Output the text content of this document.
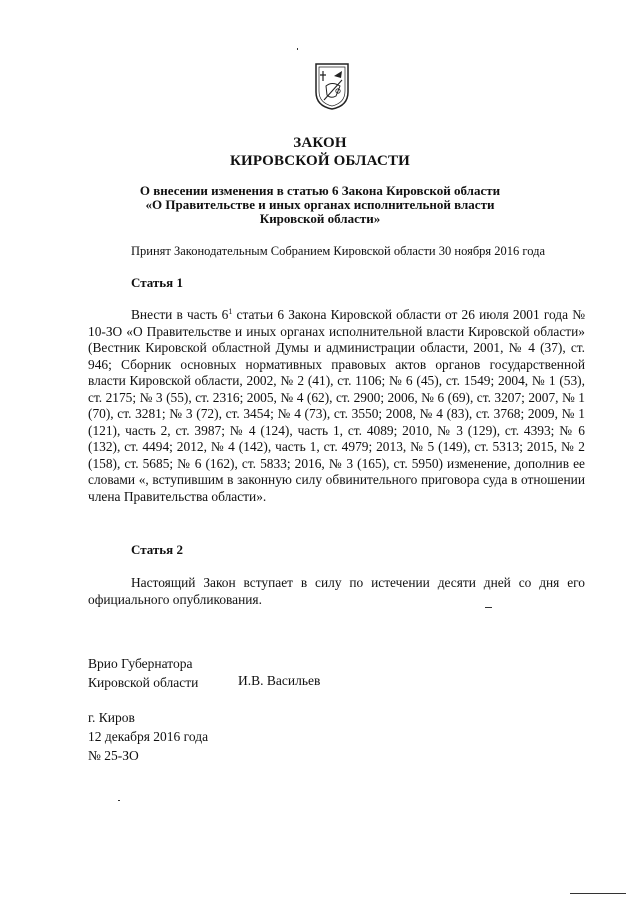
ЗАКОН
КИРОВСКОЙ ОБЛАСТИ
О внесении изменения в статью 6 Закона Кировской области
«О Правительстве и иных органах исполнительной власти
Кировской области»
Принят Законодательным Собранием Кировской области 30 ноября 2016 года
Статья 1
Внести в часть $6^1$ статьи 6 Закона Кировской области от 26 июля 2001 года № 10-ЗО «О Правительстве и иных органах исполнительной власти Кировской области» (Вестник Кировской областной Думы и администрации области, 2001, № 4 (37), ст. 946; Сборник основных нормативных правовых актов органов государственной власти Кировской области, 2002, № 2 (41), ст. 1106; № 6 (45), ст. 1549; 2004, № 1 (53), ст. 2175; № 3 (55), ст. 2316; 2005, № 4 (62), ст. 2900; 2006, № 6 (69), ст. 3207; 2007, № 1 (70), ст. 3281; № 3 (72), ст. 3454; № 4 (73), ст. 3550; 2008, № 4 (83), ст. 3768; 2009, № 1 (121), часть 2, ст. 3987; № 4 (124), часть 1, ст. 4089; 2010, № 3 (129), ст. 4393; № 6 (132), ст. 4494; 2012, № 4 (142), часть 1, ст. 4979; 2013, № 5 (149), ст. 5313; 2015, № 2 (158), ст. 5685; № 6 (162), ст. 5833; 2016, № 3 (165), ст. 5950) изменение, дополнив ее словами «, вступившим в законную силу обвинительного приговора суда в отношении члена Правительства области».
Статья 2
Настоящий Закон вступает в силу по истечении десяти дней со дня его официального опубликования.
Врио Губернатора
Кировской области	И.В. Васильев
г. Киров
12 декабря 2016 года
№ 25-ЗО
